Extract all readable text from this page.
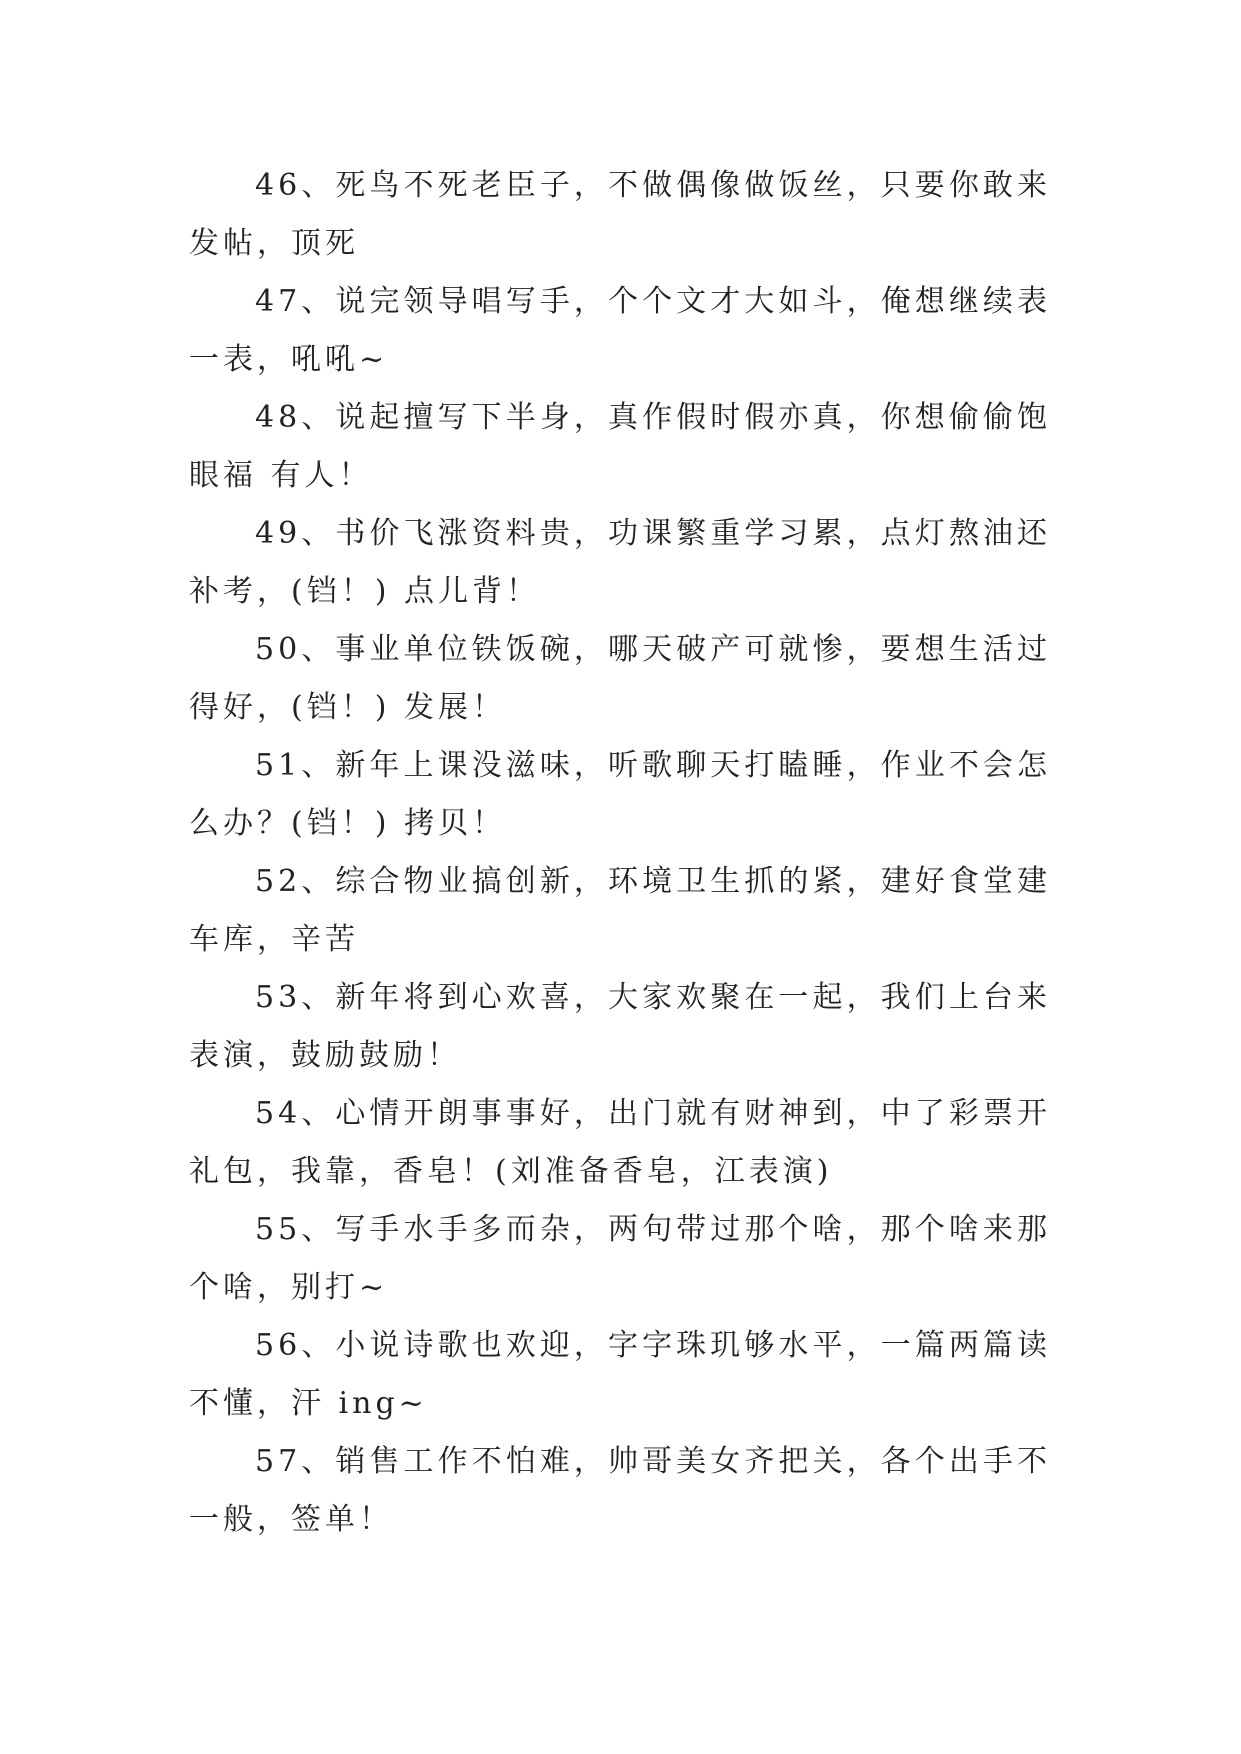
46、死鸟不死老臣子，不做偶像做饭丝，只要你敢来发帖，顶死

47、说完领导唱写手，个个文才大如斗，俺想继续表一表，吼吼~

48、说起擅写下半身，真作假时假亦真，你想偷偷饱眼福 有人！

49、书价飞涨资料贵，功课繁重学习累，点灯熬油还补考，(铛！) 点儿背！

50、事业单位铁饭碗，哪天破产可就惨，要想生活过得好，(铛！) 发展！

51、新年上课没滋味，听歌聊天打瞌睡，作业不会怎么办？(铛！) 拷贝！

52、综合物业搞创新，环境卫生抓的紧，建好食堂建车库，辛苦

53、新年将到心欢喜，大家欢聚在一起，我们上台来表演，鼓励鼓励！

54、心情开朗事事好，出门就有财神到，中了彩票开礼包，我靠，香皂！(刘准备香皂，江表演)

55、写手水手多而杂，两句带过那个啥，那个啥来那个啥，别打~

56、小说诗歌也欢迎，字字珠玑够水平，一篇两篇读不懂，汗 ing~

57、销售工作不怕难，帅哥美女齐把关，各个出手不一般，签单！
